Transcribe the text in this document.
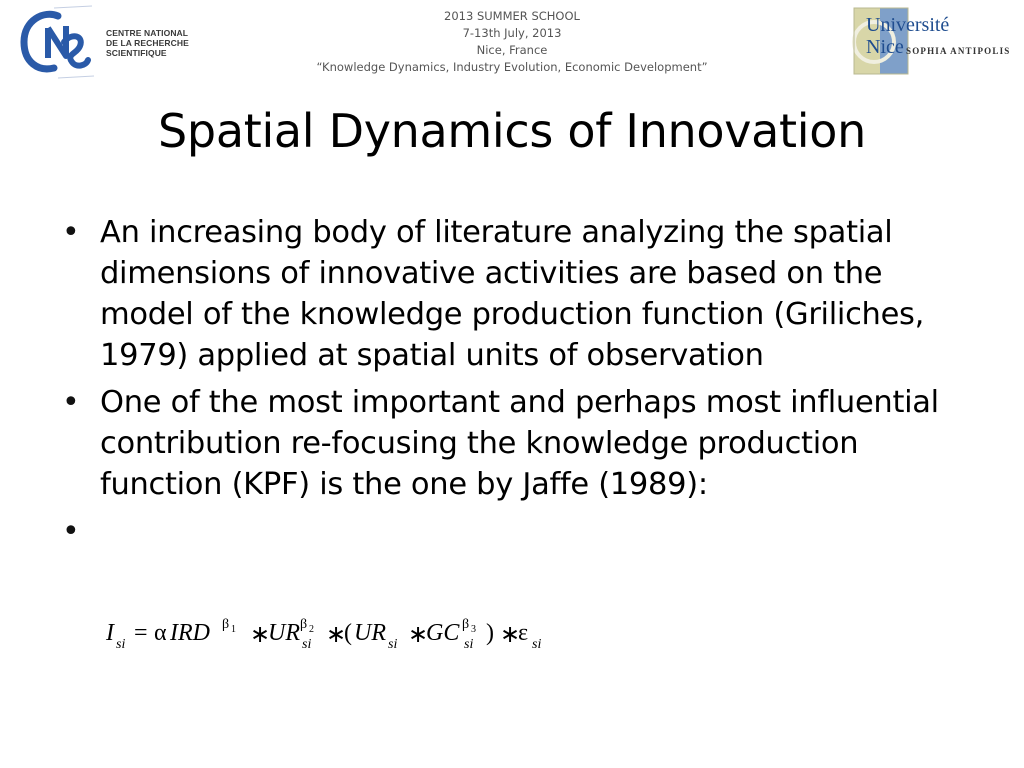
CENTRE NATIONAL
DE LA RECHERCHE
SCIENTIFIQUE
2013 SUMMER SCHOOL
7-13th July, 2013
Nice, France
“Knowledge Dynamics, Industry Evolution, Economic Development”
Université
Nice SOPHIA ANTIPOLIS
Spatial Dynamics of Innovation
• An increasing body of literature analyzing the spatial dimensions of innovative activities are based on the model of the knowledge production function (Griliches, 1979) applied at spatial units of observation
• One of the most important and perhaps most influential contribution re-focusing the knowledge production function (KPF) is the one by Jaffe (1989):
•
I si = α IRD β 1 ∗
UR β 2
si ∗
( UR si ∗
GC β 3
si ) ∗
ε si
